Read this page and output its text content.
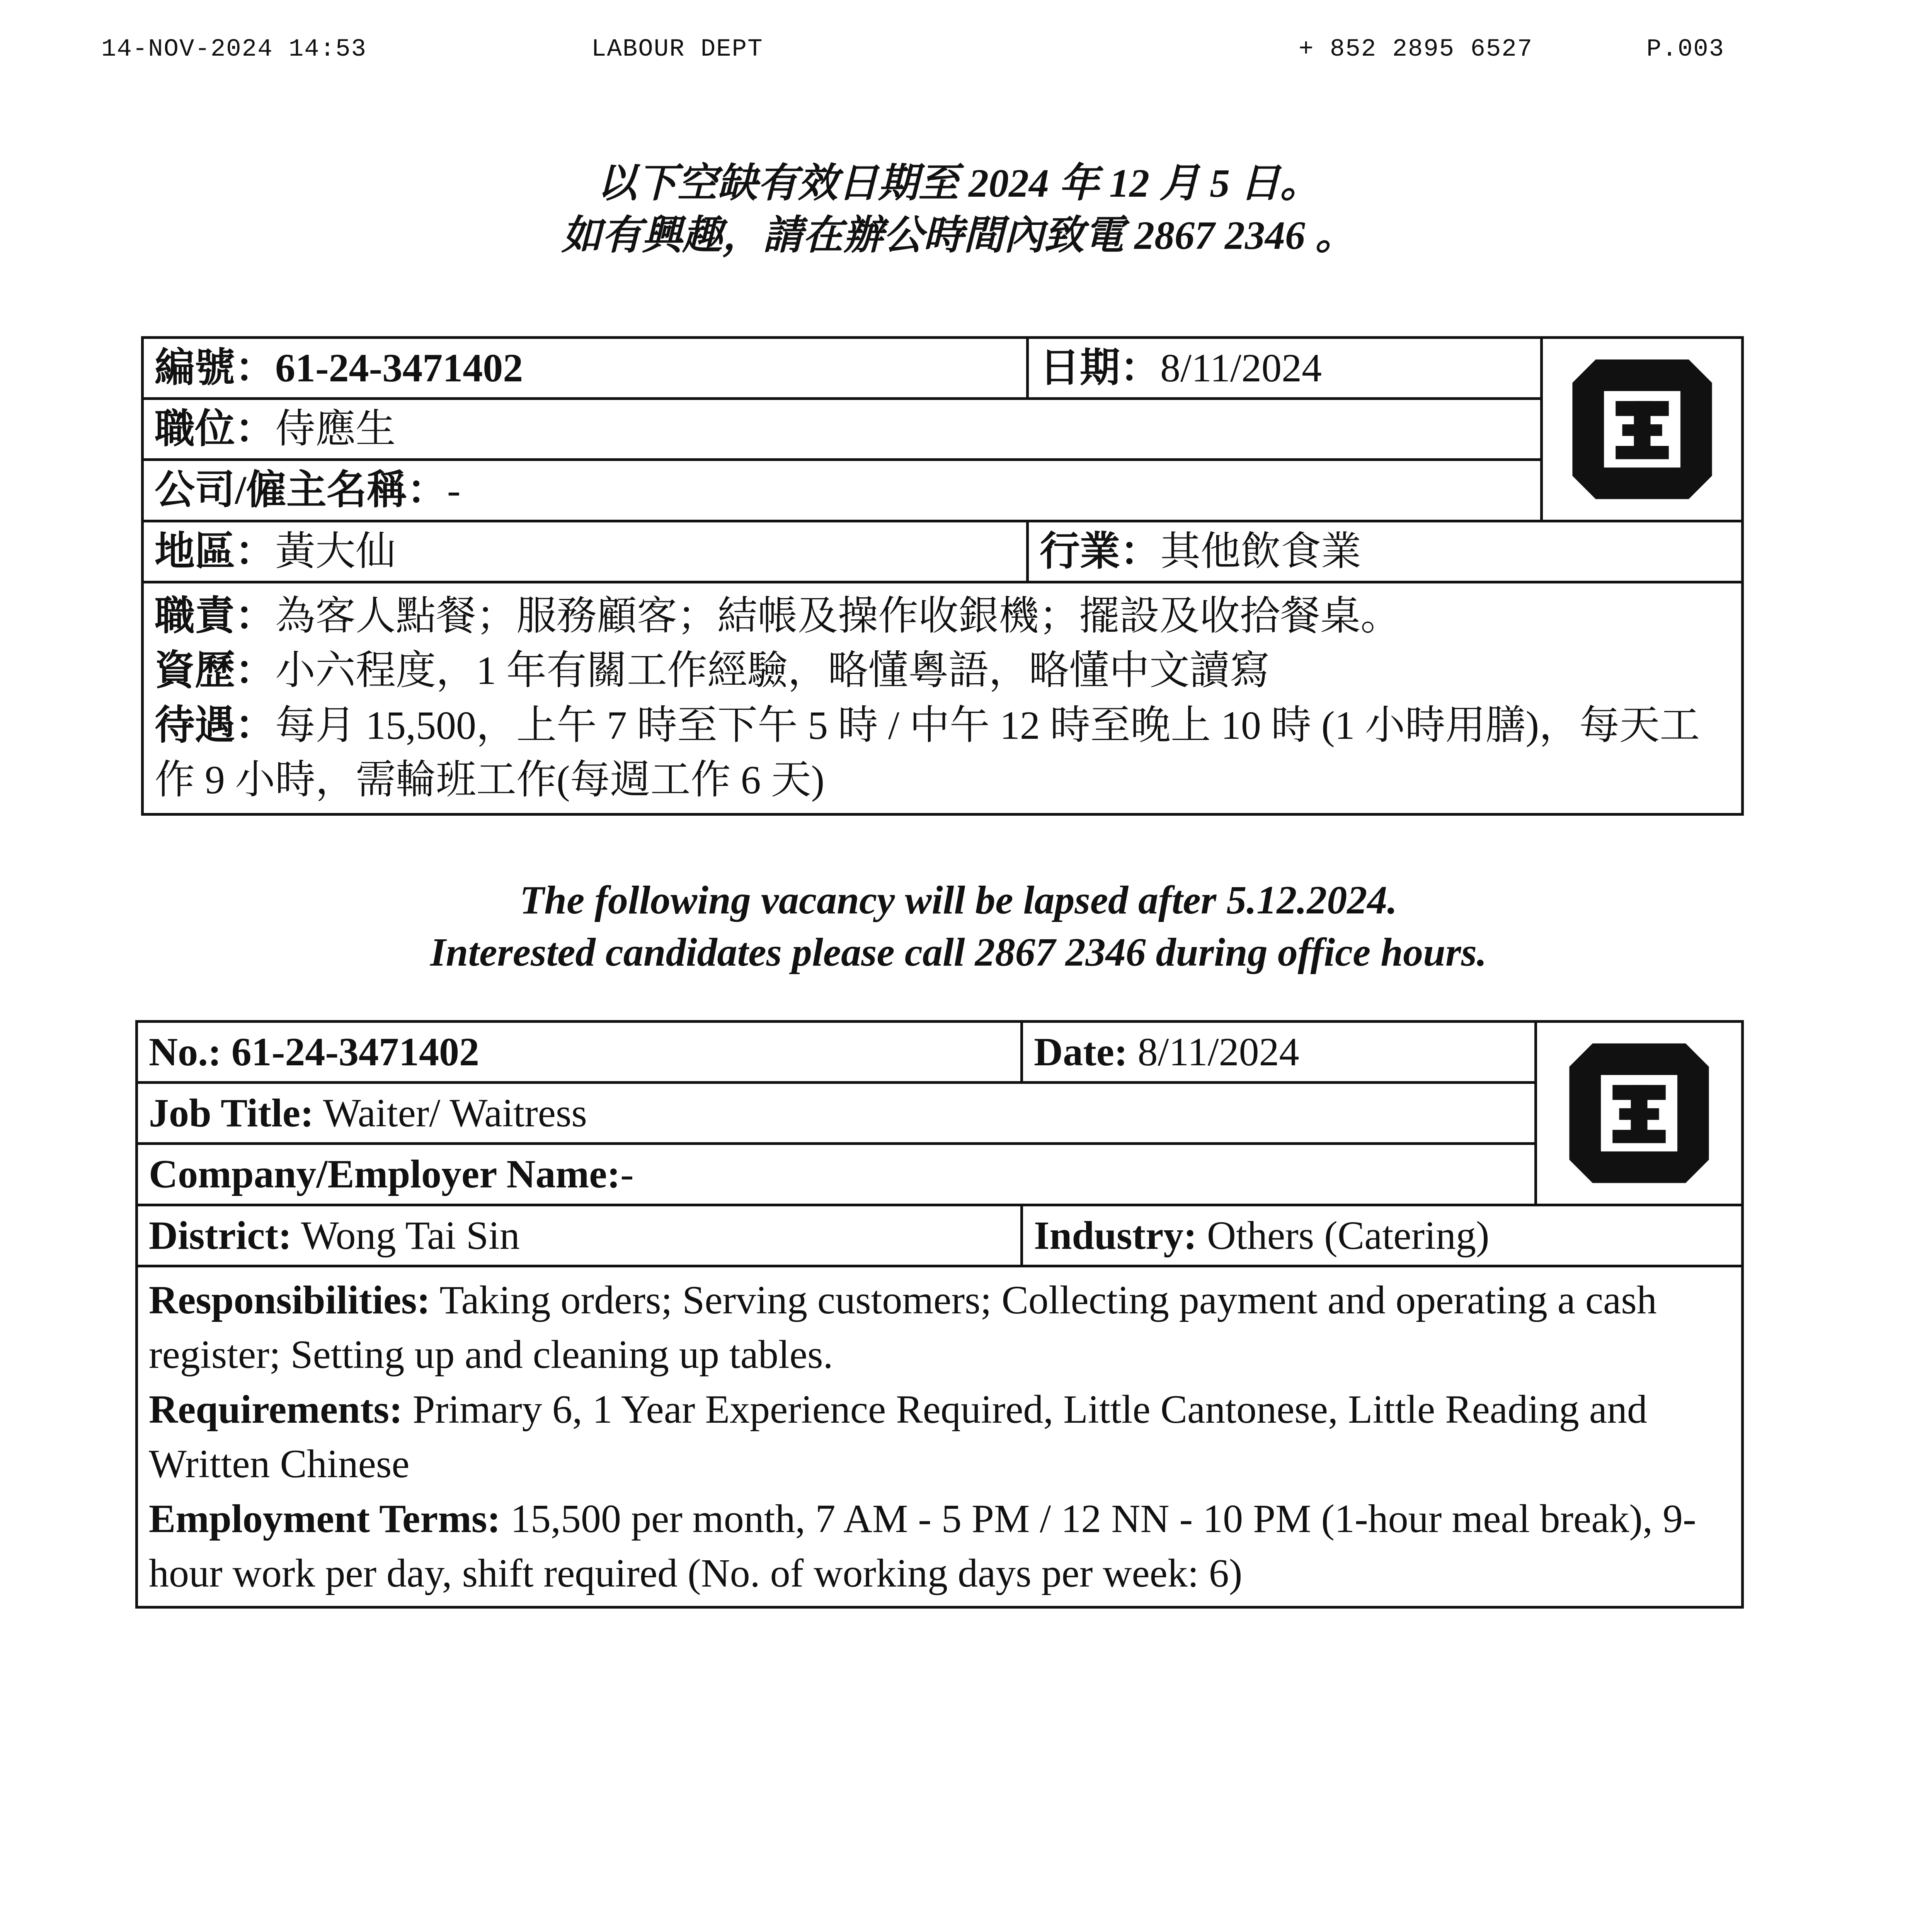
14-NOV-2024 14:53	LABOUR DEPT	+ 852 2895 6527	P.003
以下空缺有效日期至 2024 年 12 月 5 日。
如有興趣，請在辦公時間內致電 2867 2346 。
編號：61-24-3471402	日期：8/11/2024	

職位：侍應生		
公司/僱主名稱：-		
地區：黃大仙	行業：其他飲食業	

職責：為客人點餐；服務顧客；結帳及操作收銀機；擺設及收拾餐桌。
資歷：小六程度，1 年有關工作經驗，略懂粵語，略懂中文讀寫
待遇：每月 15,500，上午 7 時至下午 5 時 / 中午 12 時至晚上 10 時 (1 小時用膳)，每天工作 9 小時，需輪班工作(每週工作 6 天)		
The following vacancy will be lapsed after 5.12.2024.
Interested candidates please call 2867 2346 during office hours.
No.: 61-24-3471402	Date: 8/11/2024	

Job Title: Waiter/ Waitress		
Company/Employer Name:-		
District: Wong Tai Sin	Industry: Others (Catering)	

Responsibilities: Taking orders; Serving customers; Collecting payment and operating a cash register; Setting up and cleaning up tables.
Requirements: Primary 6, 1 Year Experience Required, Little Cantonese, Little Reading and Written Chinese
Employment Terms: 15,500 per month, 7 AM - 5 PM / 12 NN - 10 PM (1-hour meal break), 9-hour work per day, shift required (No. of working days per week: 6)		
